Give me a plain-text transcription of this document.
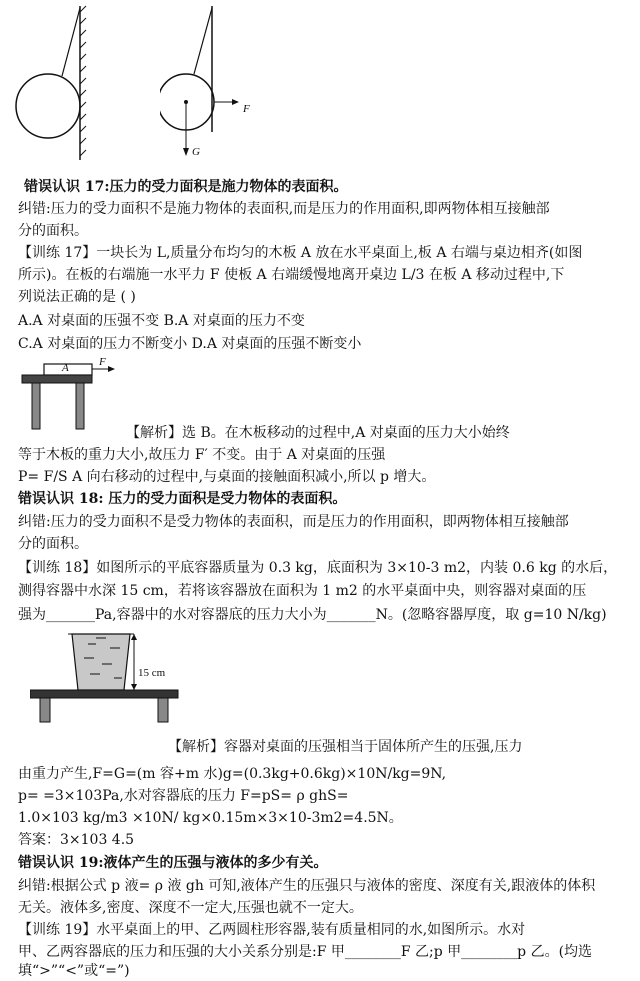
F
G
错误认识 17:压力的受力面积是施力物体的表面积。
纠错:压力的受力面积不是施力物体的表面积,而是压力的作用面积,即两物体相互接触部
分的面积。
【训练 17】一块长为 L,质量分布均匀的木板 A 放在水平桌面上,板 A 右端与桌边相齐(如图
所示)。在板的右端施一水平力 F 使板 A 右端缓慢地离开桌边 L/3 在板 A 移动过程中,下
列说法正确的是 ( )
A.A 对桌面的压强不变 B.A 对桌面的压力不变
C.A 对桌面的压力不断变小 D.A 对桌面的压强不断变小
A	F
【解析】选 B。在木板移动的过程中,A 对桌面的压力大小始终
等于木板的重力大小,故压力 F′ 不变。由于 A 对桌面的压强
P= F/S A 向右移动的过程中,与桌面的接触面积减小,所以 p 增大。
错误认识 18: 压力的受力面积是受力物体的表面积。
纠错:压力的受力面积不是受力物体的表面积，而是压力的作用面积，即两物体相互接触部
分的面积。
【训练 18】如图所示的平底容器质量为 0.3 kg，底面积为 3×10-3 m2，内装 0.6 kg 的水后，
测得容器中水深 15 cm，若将该容器放在面积为 1 m2 的水平桌面中央，则容器对桌面的压
强为_______Pa,容器中的水对容器底的压力大小为_______N。(忽略容器厚度，取 g=10 N/kg)
15 cm
【解析】容器对桌面的压强相当于固体所产生的压强,压力
由重力产生,F=G=(m 容+m 水)g=(0.3kg+0.6kg)×10N/kg=9N,
p= =3×103Pa,水对容器底的压力 F=pS= ρ ghS=
1.0×103 kg/m3 ×10N/ kg×0.15m×3×10-3m2=4.5N。
答案：3×103 4.5
错误认识 19:液体产生的压强与液体的多少有关。
纠错:根据公式 p 液= ρ 液 gh 可知,液体产生的压强只与液体的密度、深度有关,跟液体的体积
无关。液体多,密度、深度不一定大,压强也就不一定大。
【训练 19】水平桌面上的甲、乙两圆柱形容器,装有质量相同的水,如图所示。水对
甲、乙两容器底的压力和压强的大小关系分别是:F 甲________F 乙;p 甲________p 乙。(均选
填“>”“<”或“=”)
